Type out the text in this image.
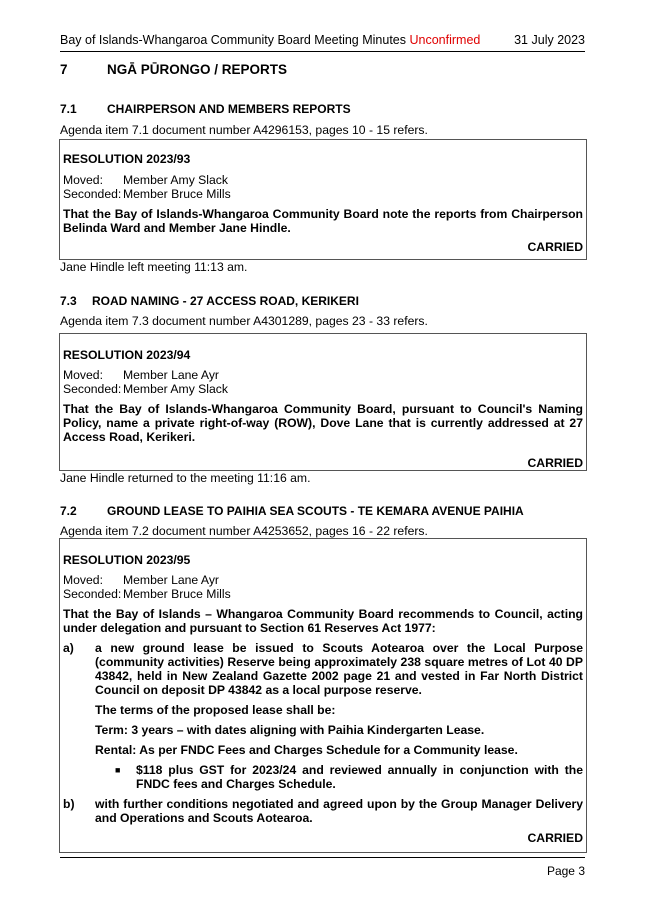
Bay of Islands-Whangaroa Community Board Meeting Minutes Unconfirmed	31 July 2023
7	NGĀ PŪRONGO / REPORTS
7.1	CHAIRPERSON AND MEMBERS REPORTS
Agenda item 7.1 document number A4296153, pages 10 - 15 refers.
RESOLUTION 2023/93
Moved: Member Amy Slack
Seconded: Member Bruce Mills
That the Bay of Islands-Whangaroa Community Board note the reports from Chairperson Belinda Ward and Member Jane Hindle.
CARRIED
Jane Hindle left meeting 11:13 am.
7.3 ROAD NAMING - 27 ACCESS ROAD, KERIKERI
Agenda item 7.3 document number A4301289, pages 23 - 33 refers.
RESOLUTION 2023/94
Moved: Member Lane Ayr
Seconded: Member Amy Slack
That the Bay of Islands-Whangaroa Community Board, pursuant to Council's Naming Policy, name a private right-of-way (ROW), Dove Lane that is currently addressed at 27 Access Road, Kerikeri.
CARRIED
Jane Hindle returned to the meeting 11:16 am.
7.2	GROUND LEASE TO PAIHIA SEA SCOUTS - TE KEMARA AVENUE PAIHIA
Agenda item 7.2 document number A4253652, pages 16 - 22 refers.
RESOLUTION 2023/95
Moved: Member Lane Ayr
Seconded: Member Bruce Mills
That the Bay of Islands – Whangaroa Community Board recommends to Council, acting under delegation and pursuant to Section 61 Reserves Act 1977:
a) a new ground lease be issued to Scouts Aotearoa over the Local Purpose (community activities) Reserve being approximately 238 square metres of Lot 40 DP 43842, held in New Zealand Gazette 2002 page 21 and vested in Far North District Council on deposit DP 43842 as a local purpose reserve.
The terms of the proposed lease shall be:
Term: 3 years – with dates aligning with Paihia Kindergarten Lease.
Rental: As per FNDC Fees and Charges Schedule for a Community lease.
■ $118 plus GST for 2023/24 and reviewed annually in conjunction with the FNDC fees and Charges Schedule.
b) with further conditions negotiated and agreed upon by the Group Manager Delivery and Operations and Scouts Aotearoa.
CARRIED
Page 3
